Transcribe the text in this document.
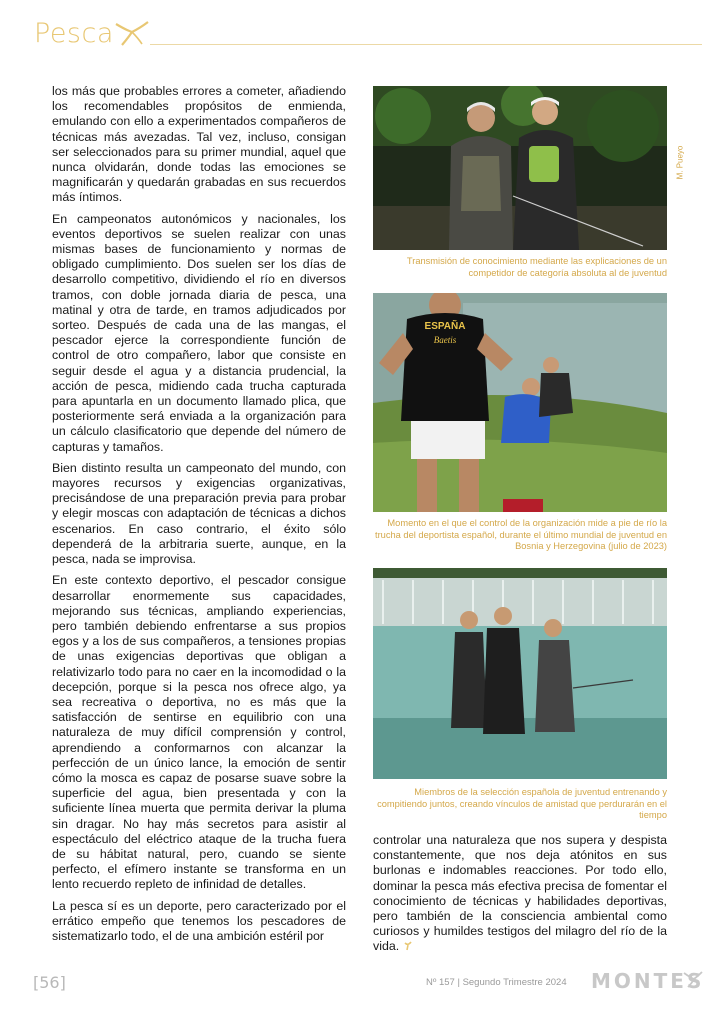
Pesca

los más que probables errores a cometer, añadiendo los recomendables propósitos de enmienda, emulando con ello a experimentados compañeros de técnicas más avezadas. Tal vez, incluso, consigan ser seleccionados para su primer mundial, aquel que nunca olvidarán, donde todas las emociones se magnificarán y quedarán grabadas en sus recuerdos más íntimos.

En campeonatos autonómicos y nacionales, los eventos deportivos se suelen realizar con unas mismas bases de funcionamiento y normas de obligado cumplimiento. Dos suelen ser los días de desarrollo competitivo, dividiendo el río en diversos tramos, con doble jornada diaria de pesca, una matinal y otra de tarde, en tramos adjudicados por sorteo. Después de cada una de las mangas, el pescador ejerce la correspondiente función de control de otro compañero, labor que consiste en seguir desde el agua y a distancia prudencial, la acción de pesca, midiendo cada trucha capturada para apuntarla en un documento llamado plica, que posteriormente será enviada a la organización para un cálculo clasificatorio que depende del número de capturas y tamaños.

Bien distinto resulta un campeonato del mundo, con mayores recursos y exigencias organizativas, precisándose de una preparación previa para probar y elegir moscas con adaptación de técnicas a dichos escenarios. En caso contrario, el éxito sólo dependerá de la arbitraria suerte, aunque, en la pesca, nada se improvisa.

En este contexto deportivo, el pescador consigue desarrollar enormemente sus capacidades, mejorando sus técnicas, ampliando experiencias, pero también debiendo enfrentarse a sus propios egos y a los de sus compañeros, a tensiones propias de unas exigencias deportivas que obligan a relativizarlo todo para no caer en la incomodidad o la decepción, porque si la pesca nos ofrece algo, ya sea recreativa o deportiva, no es más que la satisfacción de sentirse en equilibrio con una naturaleza de muy difícil comprensión y control, aprendiendo a conformarnos con alcanzar la perfección de un único lance, la emoción de sentir cómo la mosca es capaz de posarse suave sobre la superficie del agua, bien presentada y con la suficiente línea muerta que permita derivar la pluma sin dragar. No hay más secretos para asistir al espectáculo del eléctrico ataque de la trucha fuera de su hábitat natural, pero, cuando se siente perfecto, el efímero instante se transforma en un lento recuerdo repleto de infinidad de detalles.

La pesca sí es un deporte, pero caracterizado por el errático empeño que tenemos los pescadores de sistematizarlo todo, el de una ambición estéril por

M. Pueyo
Transmisión de conocimiento mediante las explicaciones de un competidor de categoría absoluta al de juventud
ESPAÑA
Baetis
Momento en el que el control de la organización mide a pie de río la trucha del deportista español, durante el último mundial de juventud en Bosnia y Herzegovina (julio de 2023)
Miembros de la selección española de juventud entrenando y compitiendo juntos, creando vínculos de amistad que perdurarán en el tiempo

controlar una naturaleza que nos supera y despista constantemente, que nos deja atónitos en sus burlonas e indomables reacciones. Por todo ello, dominar la pesca más efectiva precisa de fomentar el conocimiento de técnicas y habilidades deportivas, pero también de la consciencia ambiental como curiosos y humildes testigos del milagro del río de la vida.

[56]	Nº 157 | Segundo Trimestre 2024 MONTES
